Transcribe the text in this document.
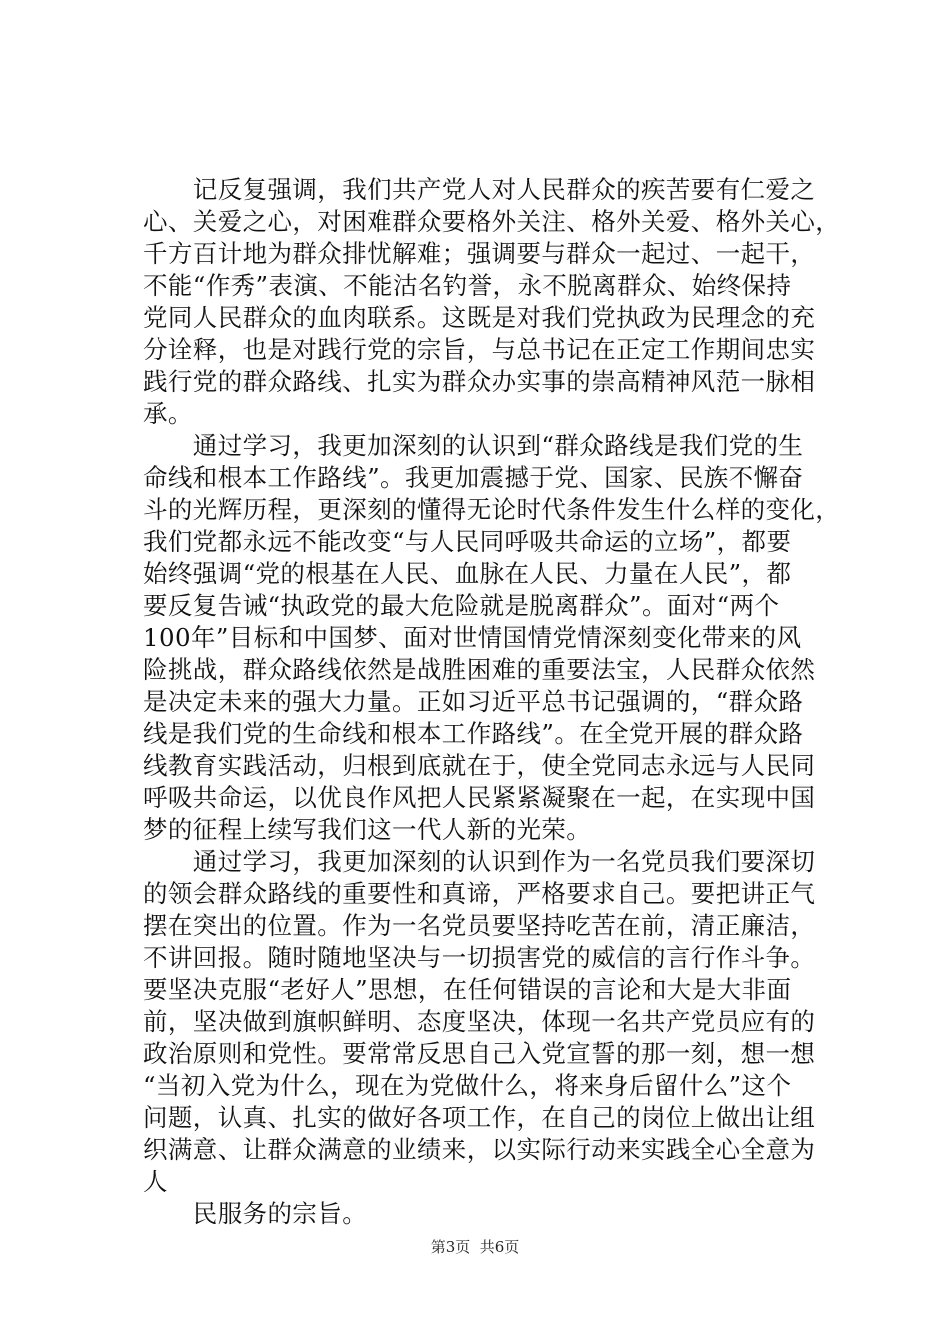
　　记反复强调，我们共产党人对人民群众的疾苦要有仁爱之
心、关爱之心，对困难群众要格外关注、格外关爱、格外关心，
千方百计地为群众排忧解难；强调要与群众一起过、一起干，
不能“作秀”表演、不能沽名钓誉，永不脱离群众、始终保持
党同人民群众的血肉联系。这既是对我们党执政为民理念的充
分诠释，也是对践行党的宗旨，与总书记在正定工作期间忠实
践行党的群众路线、扎实为群众办实事的崇高精神风范一脉相
承。
　　通过学习，我更加深刻的认识到“群众路线是我们党的生
命线和根本工作路线”。我更加震撼于党、国家、民族不懈奋
斗的光辉历程，更深刻的懂得无论时代条件发生什么样的变化，
我们党都永远不能改变“与人民同呼吸共命运的立场”，都要
始终强调“党的根基在人民、血脉在人民、力量在人民”，都
要反复告诫“执政党的最大危险就是脱离群众”。面对“两个
100年”目标和中国梦、面对世情国情党情深刻变化带来的风
险挑战，群众路线依然是战胜困难的重要法宝，人民群众依然
是决定未来的强大力量。正如习近平总书记强调的，“群众路
线是我们党的生命线和根本工作路线”。在全党开展的群众路
线教育实践活动，归根到底就在于，使全党同志永远与人民同
呼吸共命运，以优良作风把人民紧紧凝聚在一起，在实现中国
梦的征程上续写我们这一代人新的光荣。
　　通过学习，我更加深刻的认识到作为一名党员我们要深切
的领会群众路线的重要性和真谛，严格要求自己。要把讲正气
摆在突出的位置。作为一名党员要坚持吃苦在前，清正廉洁，
不讲回报。随时随地坚决与一切损害党的威信的言行作斗争。
要坚决克服“老好人”思想，在任何错误的言论和大是大非面
前，坚决做到旗帜鲜明、态度坚决，体现一名共产党员应有的
政治原则和党性。要常常反思自己入党宣誓的那一刻，想一想
“当初入党为什么，现在为党做什么，将来身后留什么”这个
问题，认真、扎实的做好各项工作，在自己的岗位上做出让组
织满意、让群众满意的业绩来，以实际行动来实践全心全意为
人
　　民服务的宗旨。
第3页  共6页
